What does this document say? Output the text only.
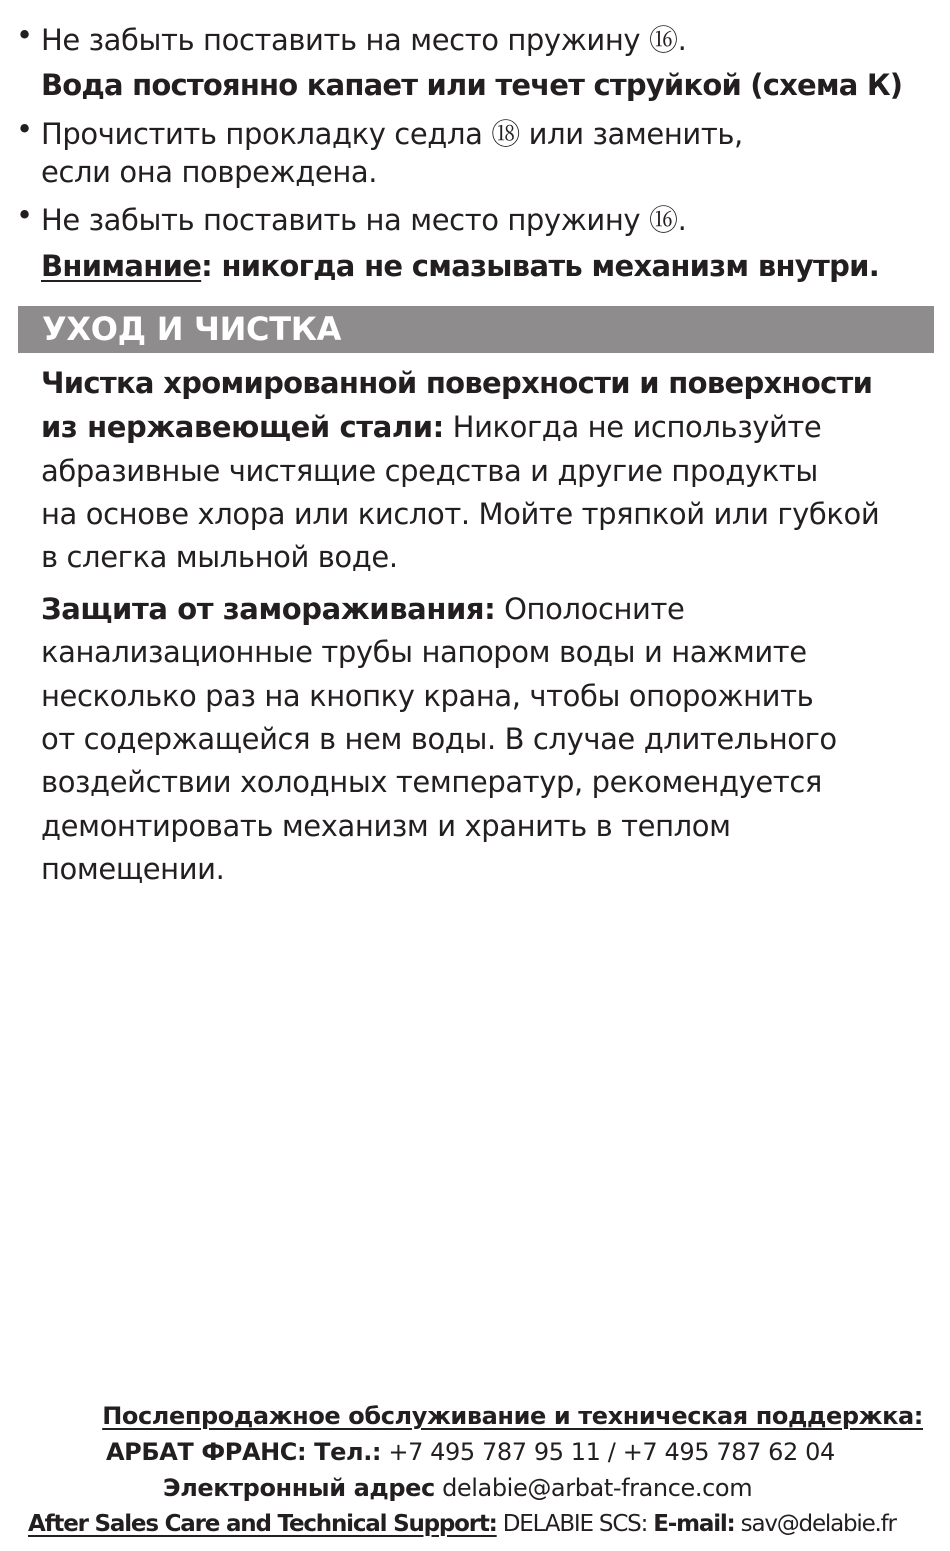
• Не забыть поставить на место пружину ⑯.
Вода постоянно капает или течет струйкой (схема К)
• Прочистить прокладку седла ⑱ или заменить,
если она повреждена.
• Не забыть поставить на место пружину ⑯.
Внимание: никогда не смазывать механизм внутри.
УХОД И ЧИСТКА
Чистка хромированной поверхности и поверхности
из нержавеющей стали: Никогда не используйте
абразивные чистящие средства и другие продукты
на основе хлора или кислот. Мойте тряпкой или губкой
в слегка мыльной воде.
Защита от замораживания: Ополосните
канализационные трубы напором воды и нажмите
несколько раз на кнопку крана, чтобы опорожнить
от содержащейся в нем воды. В случае длительного
воздействии холодных температур, рекомендуется
демонтировать механизм и хранить в теплом
помещении.
Послепродажное обслуживание и техническая поддержка:
АРБАТ ФРАНС: Тел.: +7 495 787 95 11 / +7 495 787 62 04
Электронный адрес delabie@arbat-france.com
After Sales Care and Technical Support: DELABIE SCS: E-mail: sav@delabie.fr
